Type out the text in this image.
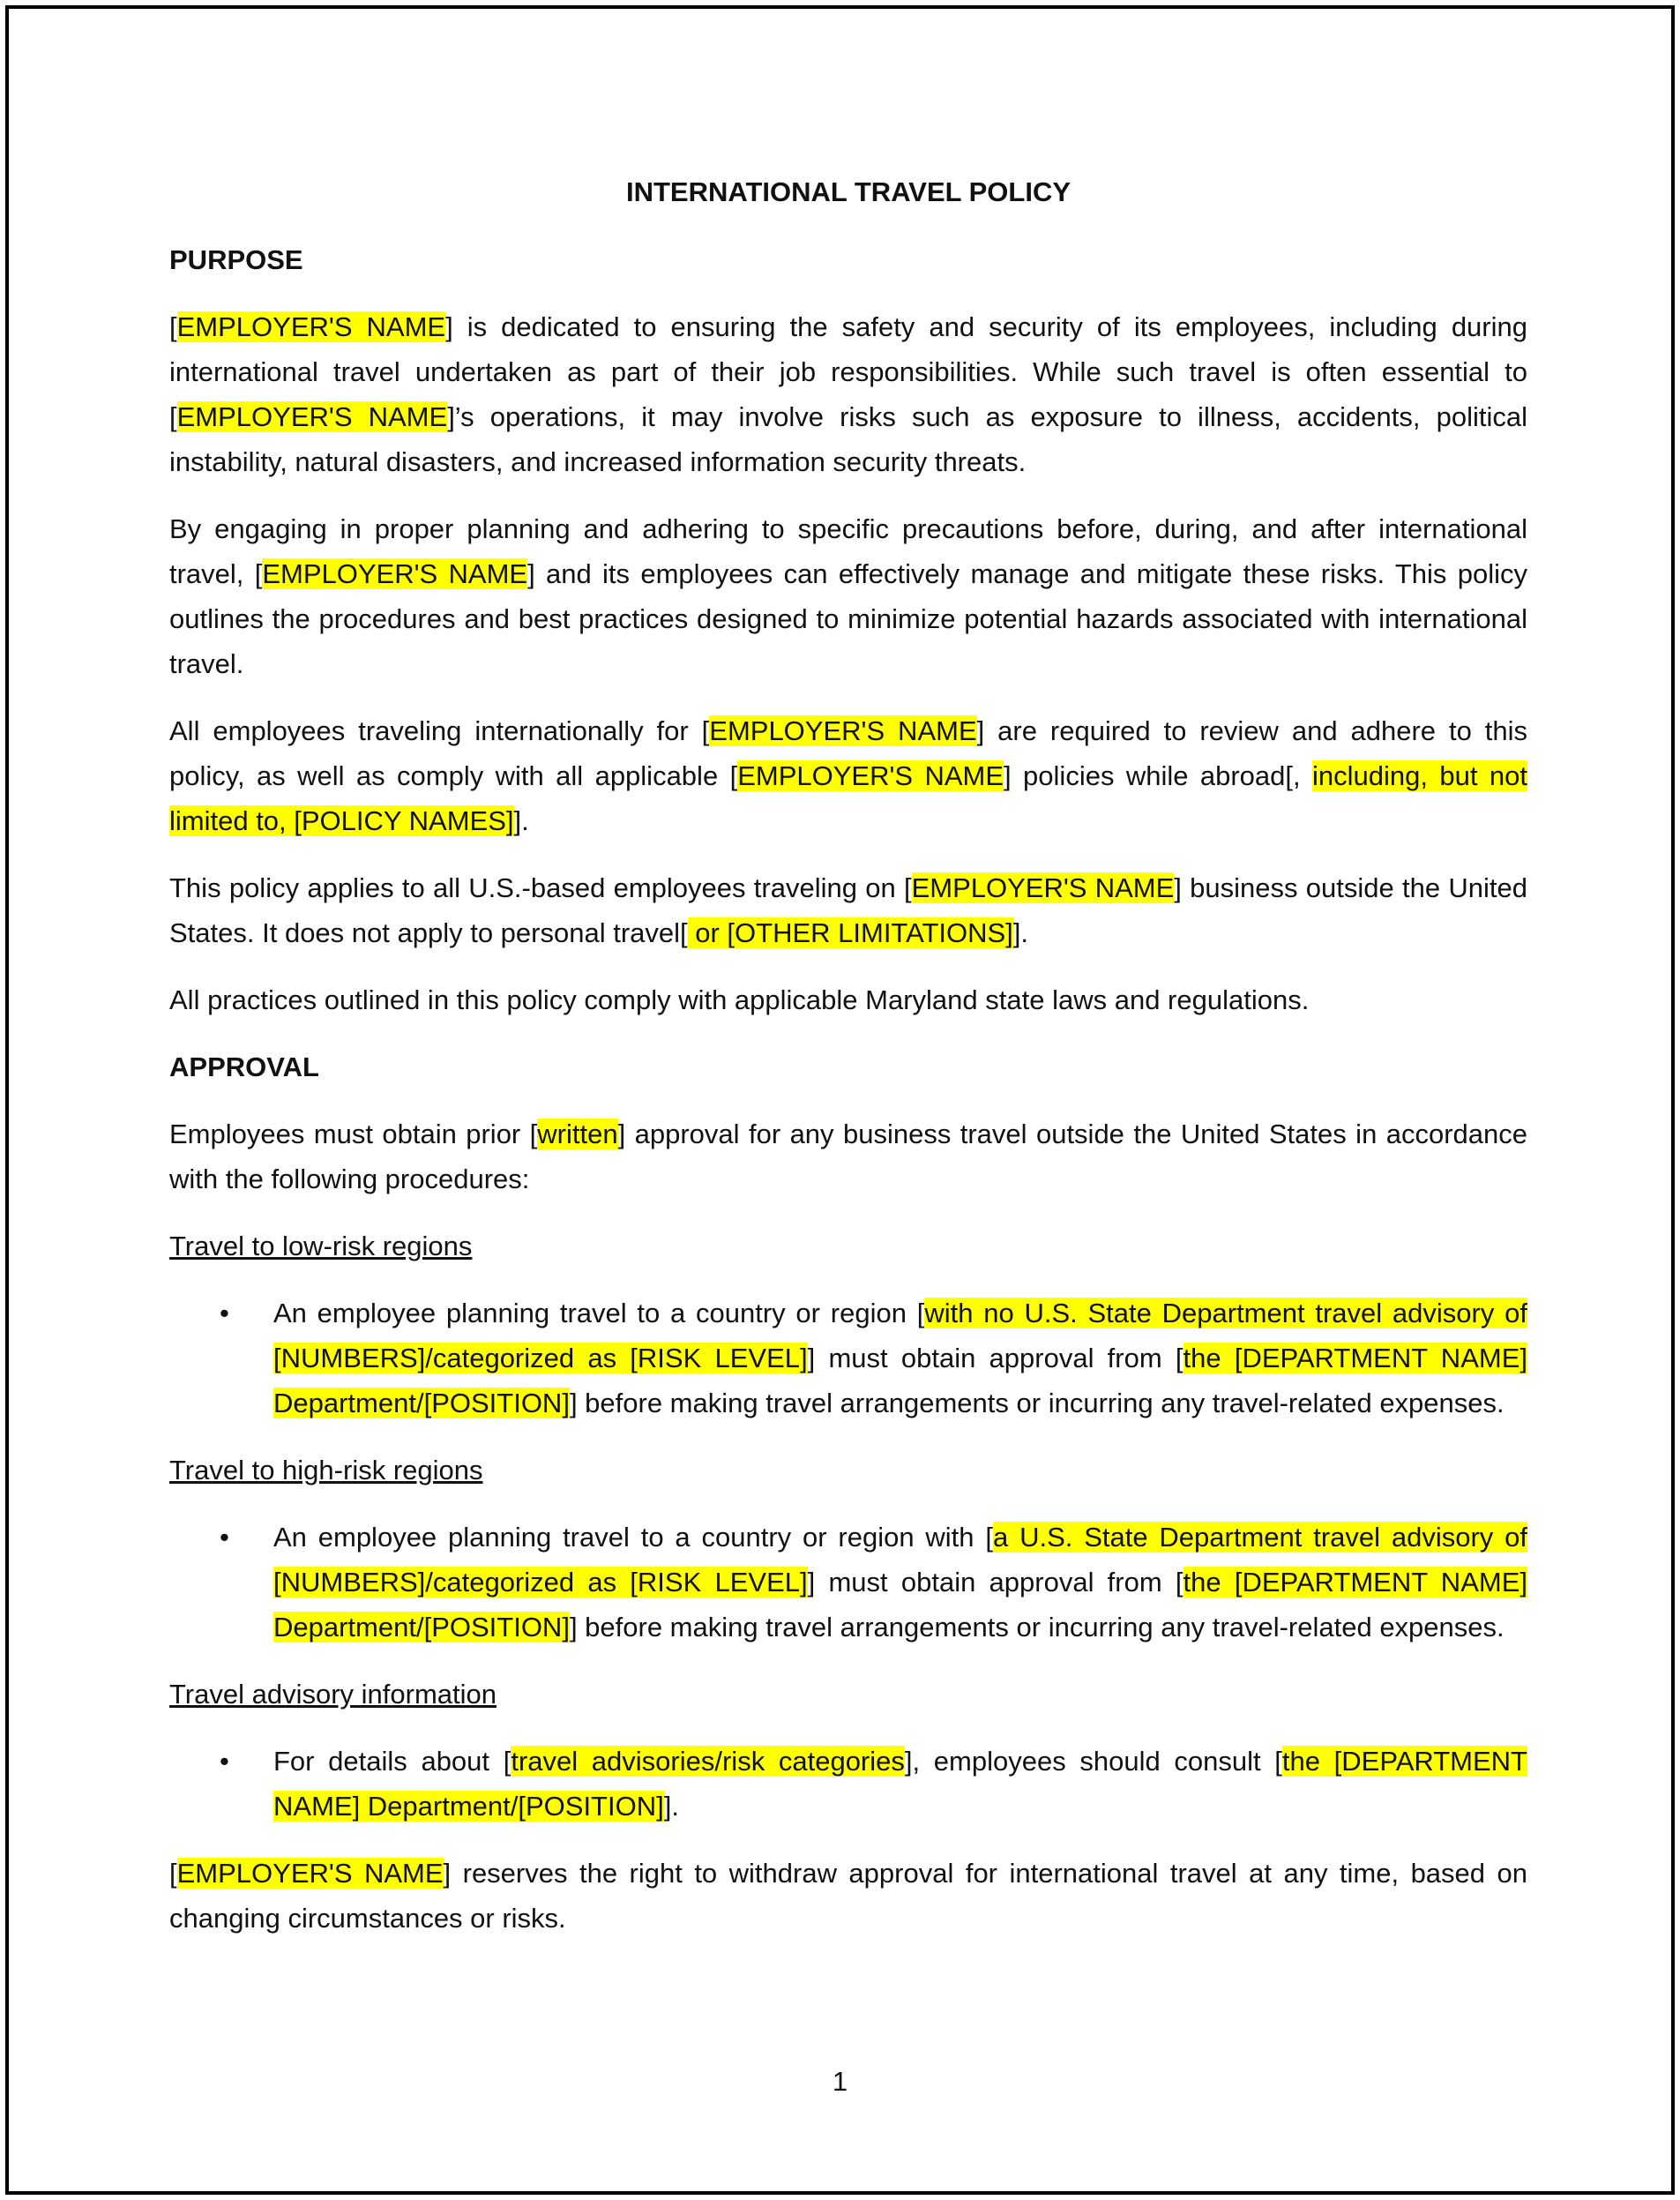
INTERNATIONAL TRAVEL POLICY
PURPOSE

[EMPLOYER'S NAME] is dedicated to ensuring the safety and security of its employees, including during international travel undertaken as part of their job responsibilities. While such travel is often essential to [EMPLOYER'S NAME]’s operations, it may involve risks such as exposure to illness, accidents, political instability, natural disasters, and increased information security threats.

By engaging in proper planning and adhering to specific precautions before, during, and after international travel, [EMPLOYER'S NAME] and its employees can effectively manage and mitigate these risks. This policy outlines the procedures and best practices designed to minimize potential hazards associated with international travel.

All employees traveling internationally for [EMPLOYER'S NAME] are required to review and adhere to this policy, as well as comply with all applicable [EMPLOYER'S NAME] policies while abroad[, including, but not limited to, [POLICY NAMES]].

This policy applies to all U.S.-based employees traveling on [EMPLOYER'S NAME] business outside the United States. It does not apply to personal travel[ or [OTHER LIMITATIONS]].

All practices outlined in this policy comply with applicable Maryland state laws and regulations.

APPROVAL

Employees must obtain prior [written] approval for any business travel outside the United States in accordance with the following procedures:

Travel to low-risk regions
• An employee planning travel to a country or region [with no U.S. State Department travel advisory of [NUMBERS]/categorized as [RISK LEVEL]] must obtain approval from [the [DEPARTMENT NAME] Department/[POSITION]] before making travel arrangements or incurring any travel-related expenses.
Travel to high-risk regions
• An employee planning travel to a country or region with [a U.S. State Department travel advisory of [NUMBERS]/categorized as [RISK LEVEL]] must obtain approval from [the [DEPARTMENT NAME] Department/[POSITION]] before making travel arrangements or incurring any travel-related expenses.
Travel advisory information
• For details about [travel advisories/risk categories], employees should consult [the [DEPARTMENT NAME] Department/[POSITION]].

[EMPLOYER'S NAME] reserves the right to withdraw approval for international travel at any time, based on changing circumstances or risks.

1
